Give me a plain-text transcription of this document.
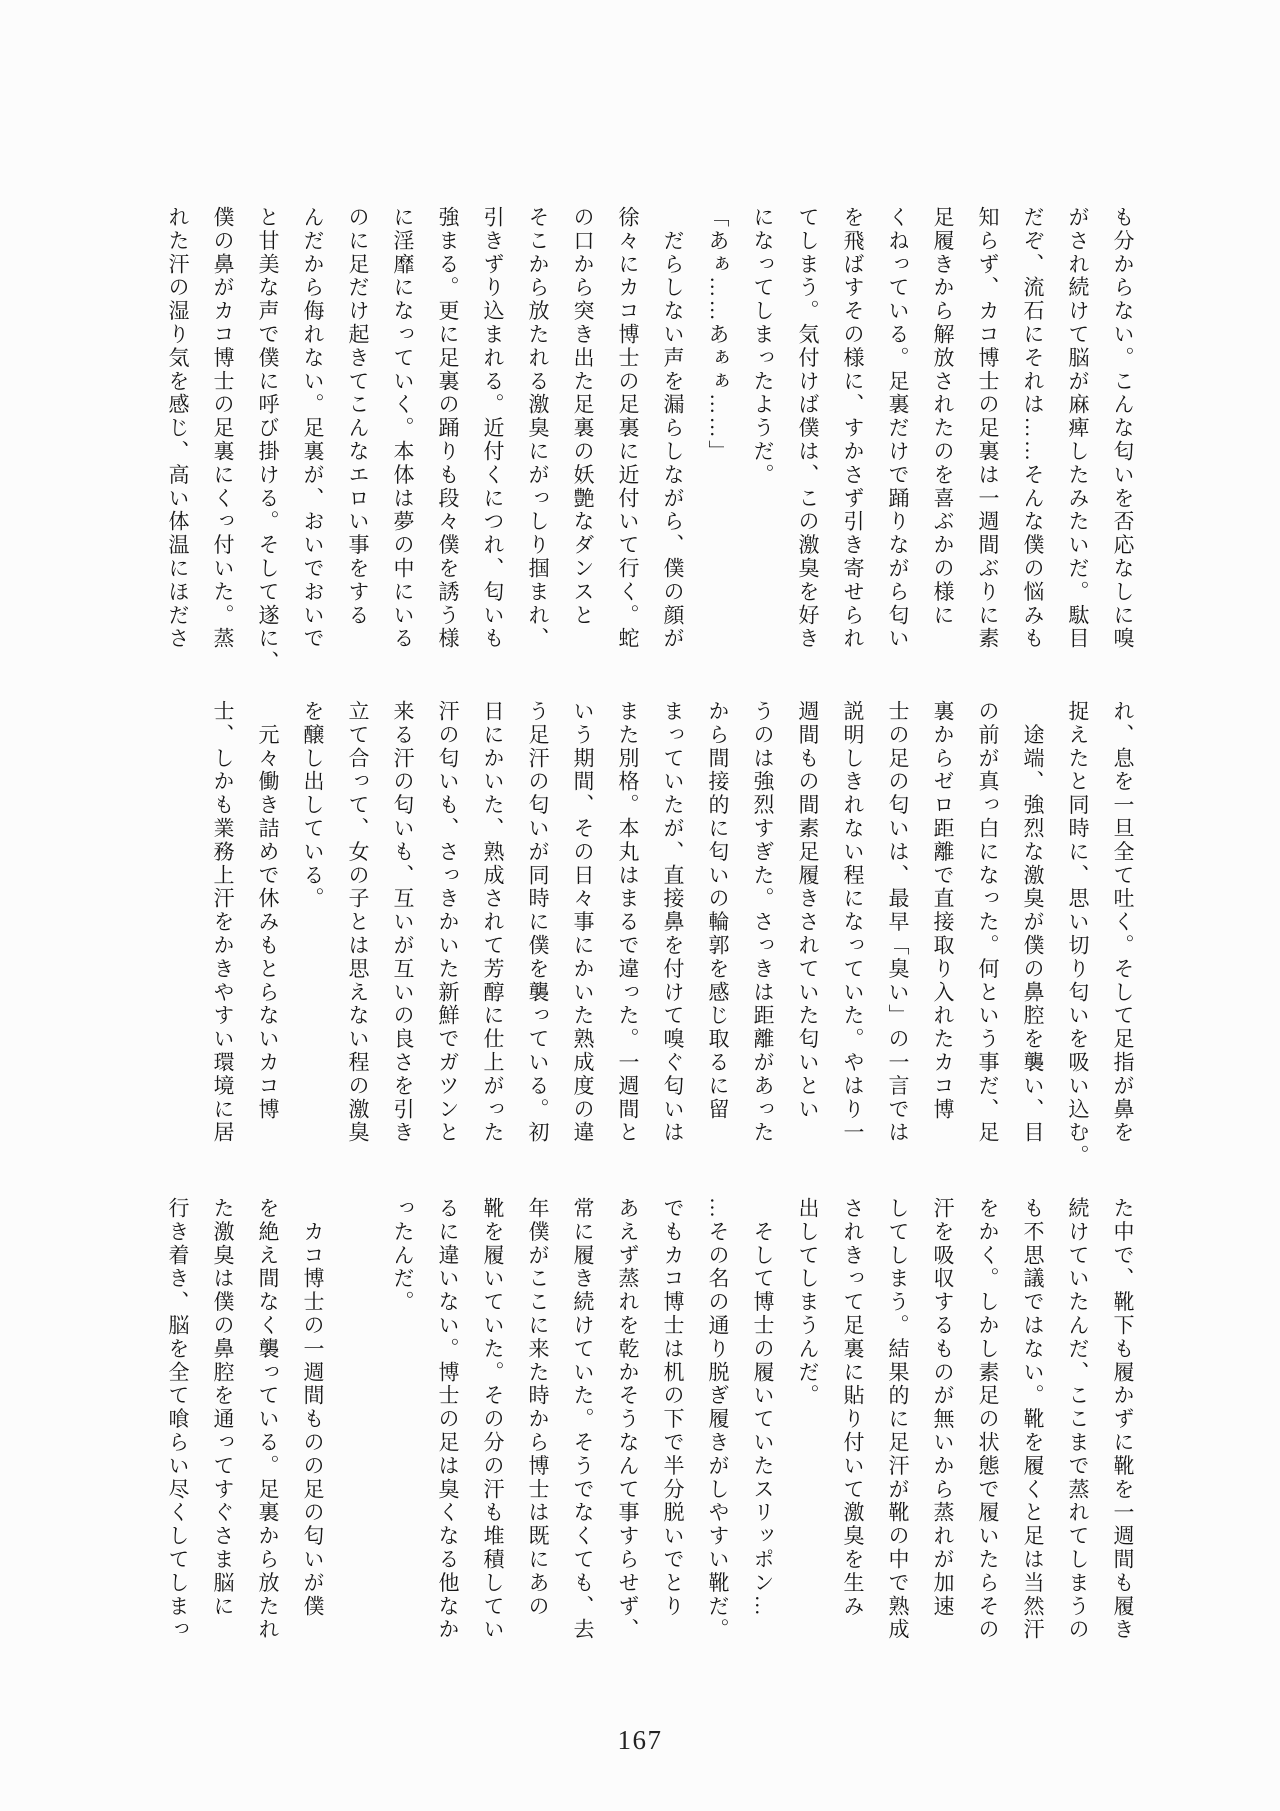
も分からない。こんな匂いを否応なしに嗅
がされ続けて脳が麻痺したみたいだ。駄目
だぞ、流石にそれは……そんな僕の悩みも
知らず、カコ博士の足裏は一週間ぶりに素
足履きから解放されたのを喜ぶかの様に
くねっている。足裏だけで踊りながら匂い
を飛ばすその様に、すかさず引き寄せられ
てしまう。気付けば僕は、この激臭を好き
になってしまったようだ。
「あぁ……あぁぁ……」
　だらしない声を漏らしながら、僕の顔が
徐々にカコ博士の足裏に近付いて行く。蛇
の口から突き出た足裏の妖艶なダンスと
そこから放たれる激臭にがっしり掴まれ、
引きずり込まれる。近付くにつれ、匂いも
強まる。更に足裏の踊りも段々僕を誘う様
に淫靡になっていく。本体は夢の中にいる
のに足だけ起きてこんなエロい事をする
んだから侮れない。足裏が、おいでおいで
と甘美な声で僕に呼び掛ける。そして遂に、
僕の鼻がカコ博士の足裏にくっ付いた。蒸
れた汗の湿り気を感じ、高い体温にほださ
れ、息を一旦全て吐く。そして足指が鼻を
捉えたと同時に、思い切り匂いを吸い込む。
　途端、強烈な激臭が僕の鼻腔を襲い、目
の前が真っ白になった。何という事だ、足
裏からゼロ距離で直接取り入れたカコ博
士の足の匂いは、最早「臭い」の一言では
説明しきれない程になっていた。やはり一
週間もの間素足履きされていた匂いとい
うのは強烈すぎた。さっきは距離があった
から間接的に匂いの輪郭を感じ取るに留
まっていたが、直接鼻を付けて嗅ぐ匂いは
また別格。本丸はまるで違った。一週間と
いう期間、その日々事にかいた熟成度の違
う足汗の匂いが同時に僕を襲っている。初
日にかいた、熟成されて芳醇に仕上がった
汗の匂いも、さっきかいた新鮮でガツンと
来る汗の匂いも、互いが互いの良さを引き
立て合って、女の子とは思えない程の激臭
を醸し出している。
　元々働き詰めで休みもとらないカコ博
士、しかも業務上汗をかきやすい環境に居
た中で、靴下も履かずに靴を一週間も履き
続けていたんだ、ここまで蒸れてしまうの
も不思議ではない。靴を履くと足は当然汗
をかく。しかし素足の状態で履いたらその
汗を吸収するものが無いから蒸れが加速
してしまう。結果的に足汗が靴の中で熟成
されきって足裏に貼り付いて激臭を生み
出してしまうんだ。
　そして博士の履いていたスリッポン…
…その名の通り脱ぎ履きがしやすい靴だ。
でもカコ博士は机の下で半分脱いでとり
あえず蒸れを乾かそうなんて事すらせず、
常に履き続けていた。そうでなくても、去
年僕がここに来た時から博士は既にあの
靴を履いていた。その分の汗も堆積してい
るに違いない。博士の足は臭くなる他なか
ったんだ。
　カコ博士の一週間ものの足の匂いが僕
を絶え間なく襲っている。足裏から放たれ
た激臭は僕の鼻腔を通ってすぐさま脳に
行き着き、脳を全て喰らい尽くしてしまっ
167
